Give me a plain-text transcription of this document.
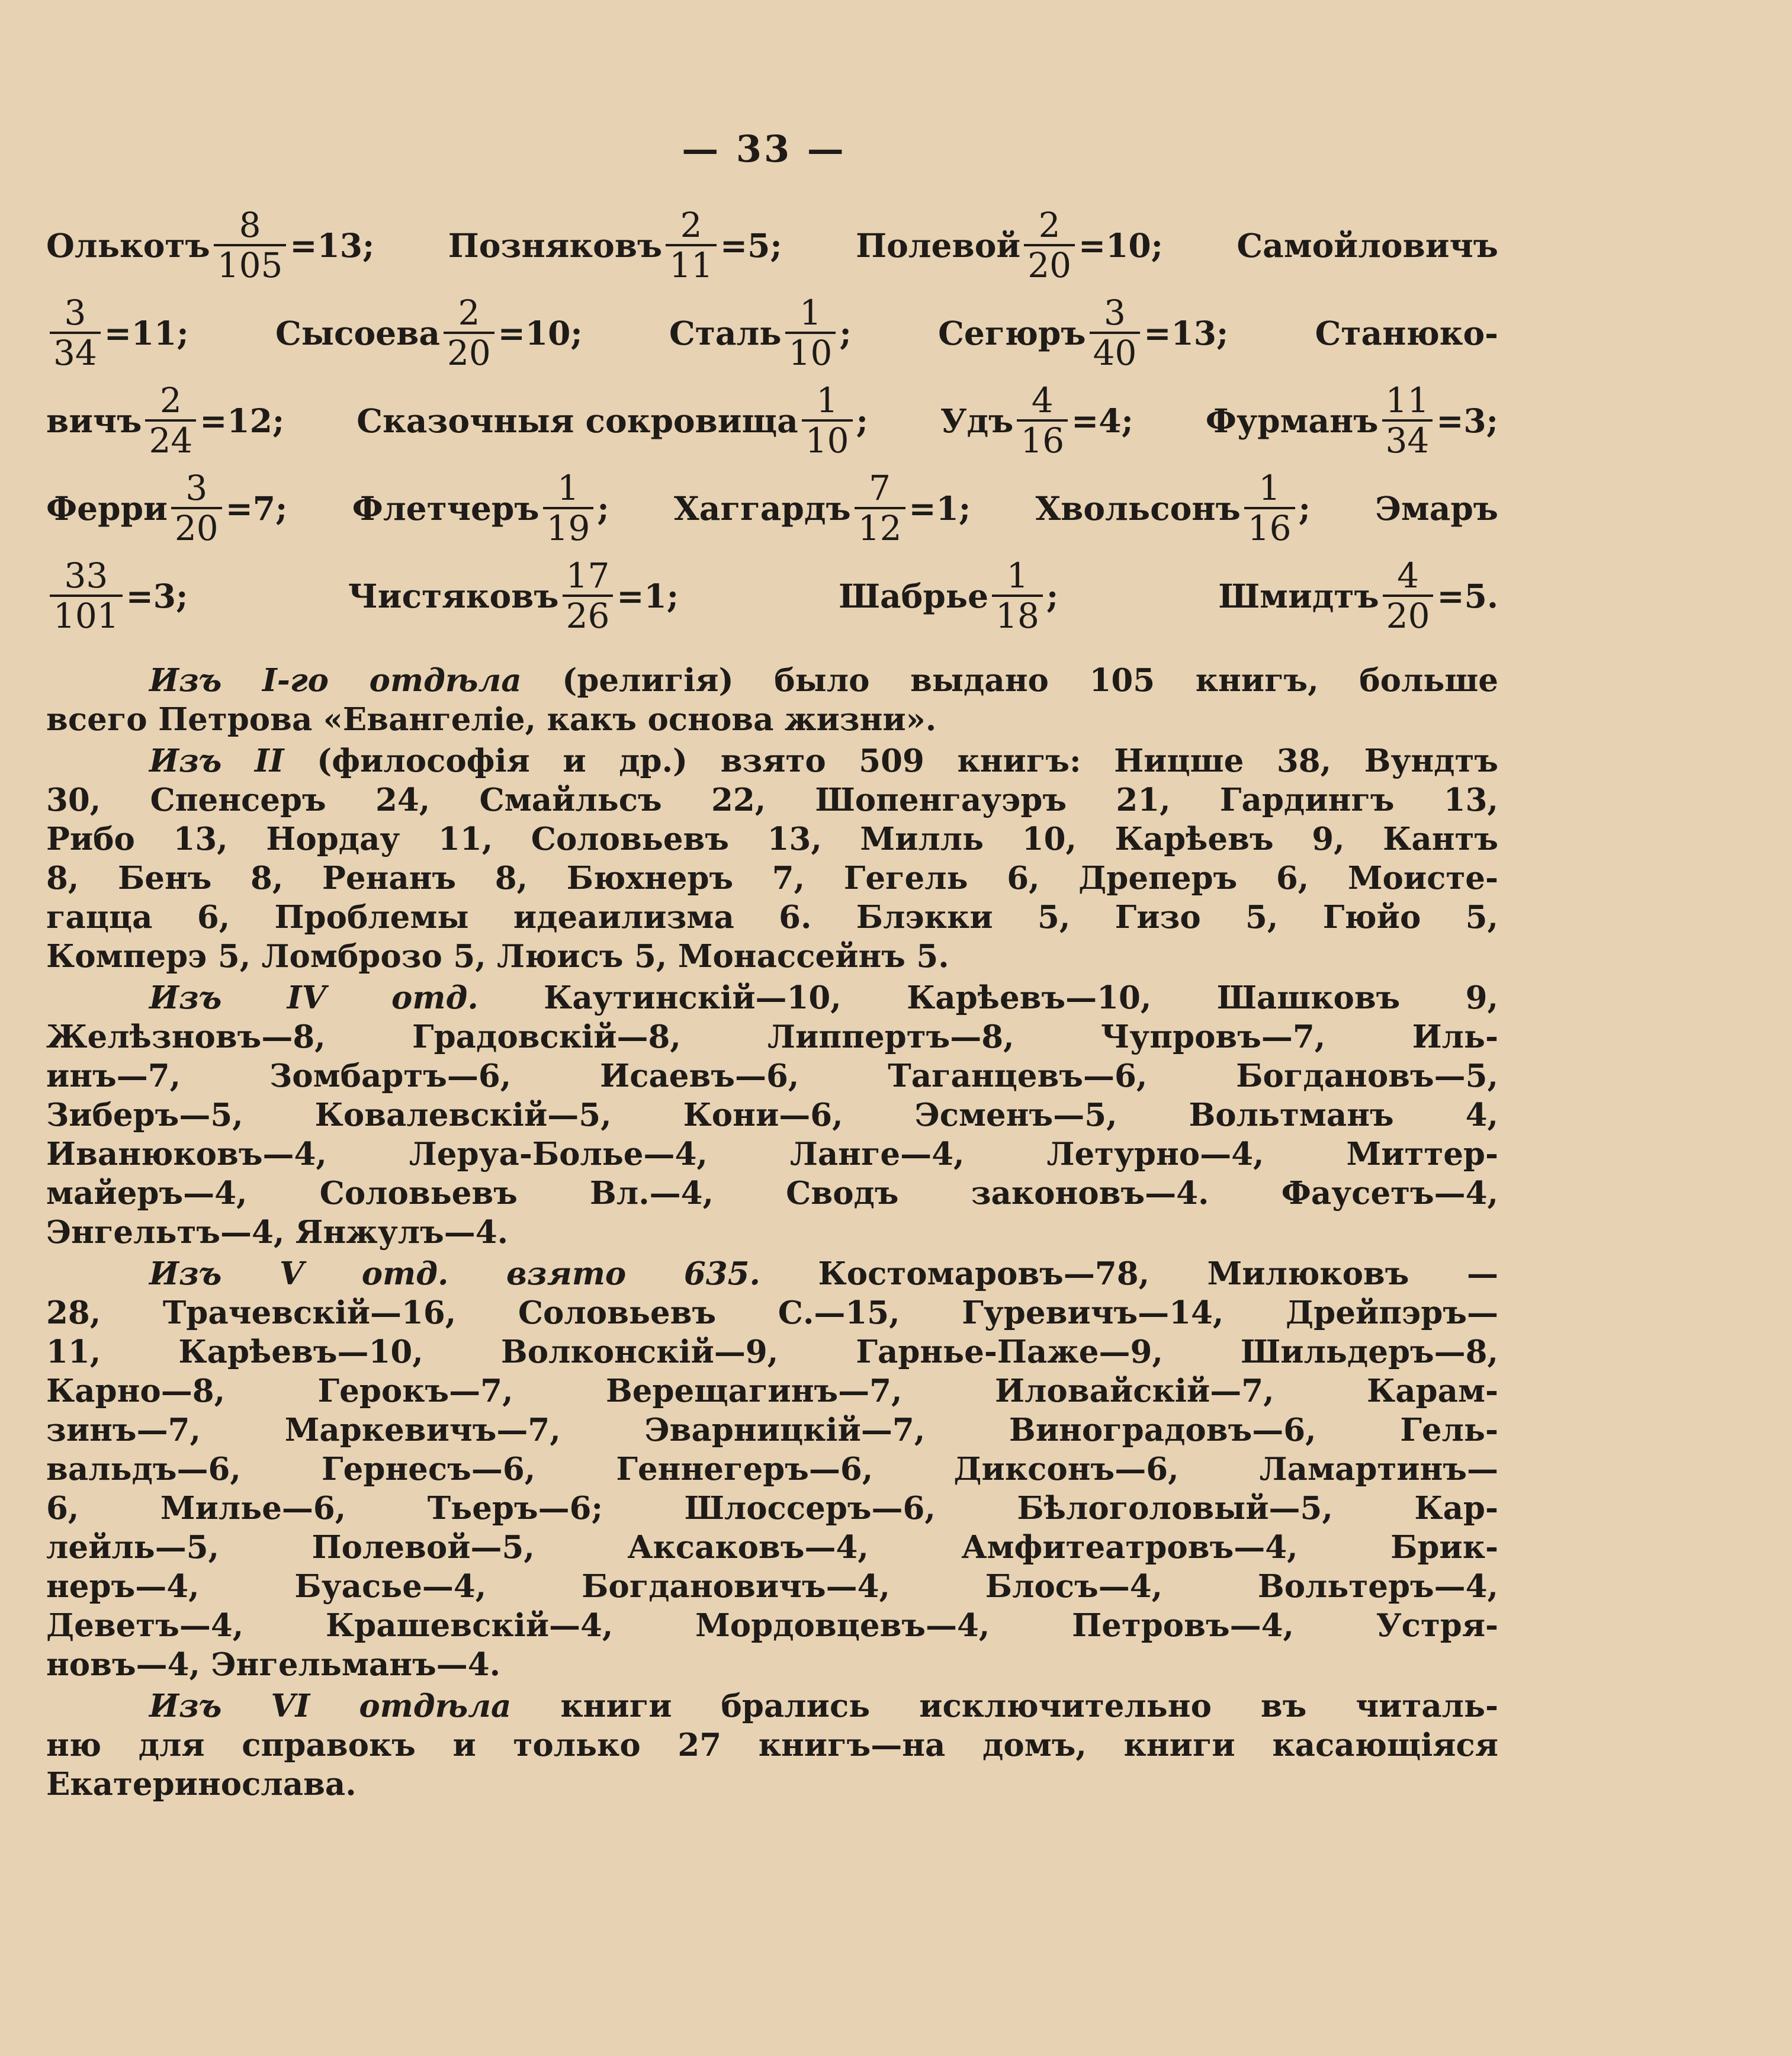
— 33 —
Олькотъ $\frac{8}{105} =13$; Позняковъ $\frac{2}{11} =5$; Полевой $\frac{2}{20} =10$; Самойловичъ
$\frac{3}{34} =11$;	Сысоева $\frac{2}{20} =10$;	Сталь $\frac{1}{10}$ ;	Сегюръ $\frac{3}{40} =13$;	Станюко-
вичъ $\frac{2}{24} =12$; Сказочныя сокровища $\frac{1}{10}$ ; Удъ $\frac{4}{16} =4$; Фурманъ $\frac{11}{34} =3$;
Ферри $\frac{3}{20} =7$; Флетчеръ $\frac{1}{19}$ ; Хаггардъ $\frac{7}{12} =1$; Хвольсонъ $\frac{1}{16}$ ; Эмаръ
$\frac{33}{101} =3$;	Чистяковъ $\frac{17}{26} =1$;	Шабрье $\frac{1}{18}$ ;	Шмидтъ $\frac{4}{20} =5$.
Изъ I-го отдѣла (религія) было выдано 105 книгъ, больше
всего Петрова «Евангеліе, какъ основа жизни».
Изъ II (философія и др.) взято 509 книгъ: Ницше 38, Вундтъ
30, Спенсеръ 24, Смайльсъ 22, Шопенгауэръ 21, Гардингъ 13,
Рибо 13, Нордау 11, Соловьевъ 13, Милль 10, Карѣевъ 9, Кантъ
8, Бенъ 8, Ренанъ 8, Бюхнеръ 7, Гегель 6, Дреперъ 6, Моисте-
гацца 6, Проблемы идеаилизма 6. Блэкки 5, Гизо 5, Гюйо 5,
Комперэ 5, Ломброзо 5, Люисъ 5, Монассейнъ 5.
Изъ IV отд. Каутинскій—10, Карѣевъ—10, Шашковъ 9,
Желѣзновъ—8, Градовскій—8, Липпертъ—8, Чупровъ—7, Иль-
инъ—7, Зомбартъ—6, Исаевъ—6, Таганцевъ—6, Богдановъ—5,
Зиберъ—5, Ковалевскій—5, Кони—6, Эсменъ—5, Вольтманъ 4,
Иванюковъ—4, Леруа-Болье—4, Ланге—4, Летурно—4, Миттер-
майеръ—4, Соловьевъ Вл.—4, Сводъ законовъ—4. Фаусетъ—4,
Энгельтъ—4, Янжулъ—4.
Изъ V отд. взято 635. Костомаровъ—78, Милюковъ —
28, Трачевскій—16, Соловьевъ С.—15, Гуревичъ—14, Дрейпэръ—
11, Карѣевъ—10, Волконскій—9, Гарнье-Паже—9, Шильдеръ—8,
Карно—8, Герокъ—7, Верещагинъ—7, Иловайскій—7, Карам-
зинъ—7, Маркевичъ—7, Эварницкій—7, Виноградовъ—6, Гель-
вальдъ—6, Гернесъ—6, Геннегеръ—6, Диксонъ—6, Ламартинъ—
6, Милье—6, Тьеръ—6; Шлоссеръ—6, Бѣлоголовый—5, Кар-
лейль—5, Полевой—5, Аксаковъ—4, Амфитеатровъ—4, Брик-
неръ—4, Буасье—4, Богдановичъ—4, Блосъ—4, Вольтеръ—4,
Деветъ—4, Крашевскій—4, Мордовцевъ—4, Петровъ—4, Устря-
новъ—4, Энгельманъ—4.
Изъ VI отдѣла книги брались исключительно въ читаль-
ню для справокъ и только 27 книгъ—на домъ, книги касающіяся
Екатеринослава.
